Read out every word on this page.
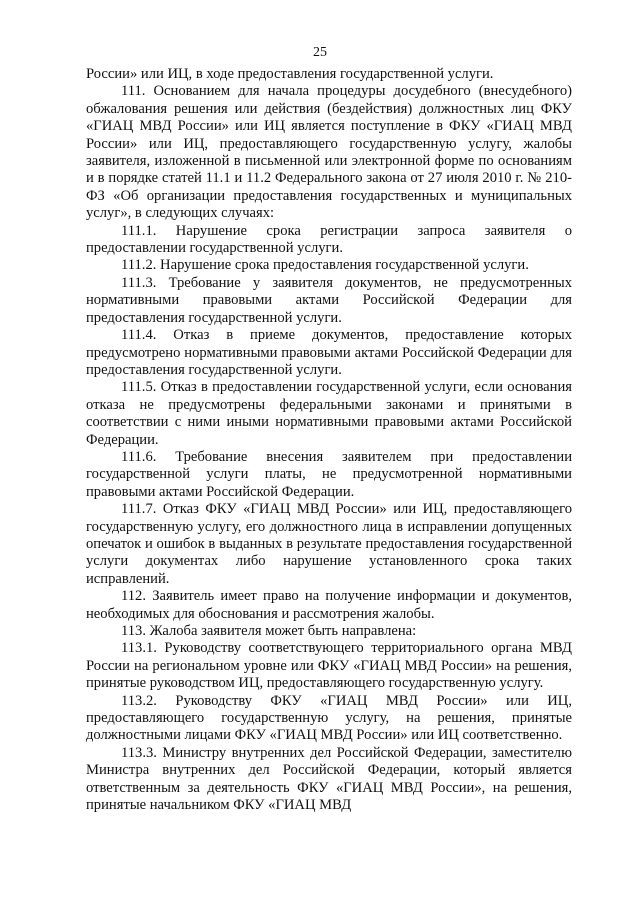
25

России» или ИЦ, в ходе предоставления государственной услуги.

111. Основанием для начала процедуры досудебного (внесудебного) обжалования решения или действия (бездействия) должностных лиц ФКУ «ГИАЦ МВД России» или ИЦ является поступление в ФКУ «ГИАЦ МВД России» или ИЦ, предоставляющего государственную услугу, жалобы заявителя, изложенной в письменной или электронной форме по основаниям и в порядке статей 11.1 и 11.2 Федерального закона от 27 июля 2010 г. № 210-ФЗ «Об организации предоставления государственных и муниципальных услуг», в следующих случаях:

111.1. Нарушение срока регистрации запроса заявителя о предоставлении государственной услуги.

111.2. Нарушение срока предоставления государственной услуги.

111.3. Требование у заявителя документов, не предусмотренных нормативными правовыми актами Российской Федерации для предоставления государственной услуги.

111.4. Отказ в приеме документов, предоставление которых предусмотрено нормативными правовыми актами Российской Федерации для предоставления государственной услуги.

111.5. Отказ в предоставлении государственной услуги, если основания отказа не предусмотрены федеральными законами и принятыми в соответствии с ними иными нормативными правовыми актами Российской Федерации.

111.6. Требование внесения заявителем при предоставлении государственной услуги платы, не предусмотренной нормативными правовыми актами Российской Федерации.

111.7. Отказ ФКУ «ГИАЦ МВД России» или ИЦ, предоставляющего государственную услугу, его должностного лица в исправлении допущенных опечаток и ошибок в выданных в результате предоставления государственной услуги документах либо нарушение установленного срока таких исправлений.

112. Заявитель имеет право на получение информации и документов, необходимых для обоснования и рассмотрения жалобы.

113. Жалоба заявителя может быть направлена:

113.1. Руководству соответствующего территориального органа МВД России на региональном уровне или ФКУ «ГИАЦ МВД России» на решения, принятые руководством ИЦ, предоставляющего государственную услугу.

113.2. Руководству ФКУ «ГИАЦ МВД России» или ИЦ, предоставляющего государственную услугу, на решения, принятые должностными лицами ФКУ «ГИАЦ МВД России» или ИЦ соответственно.

113.3. Министру внутренних дел Российской Федерации, заместителю Министра внутренних дел Российской Федерации, который является ответственным за деятельность ФКУ «ГИАЦ МВД России», на решения, принятые начальником ФКУ «ГИАЦ МВД
